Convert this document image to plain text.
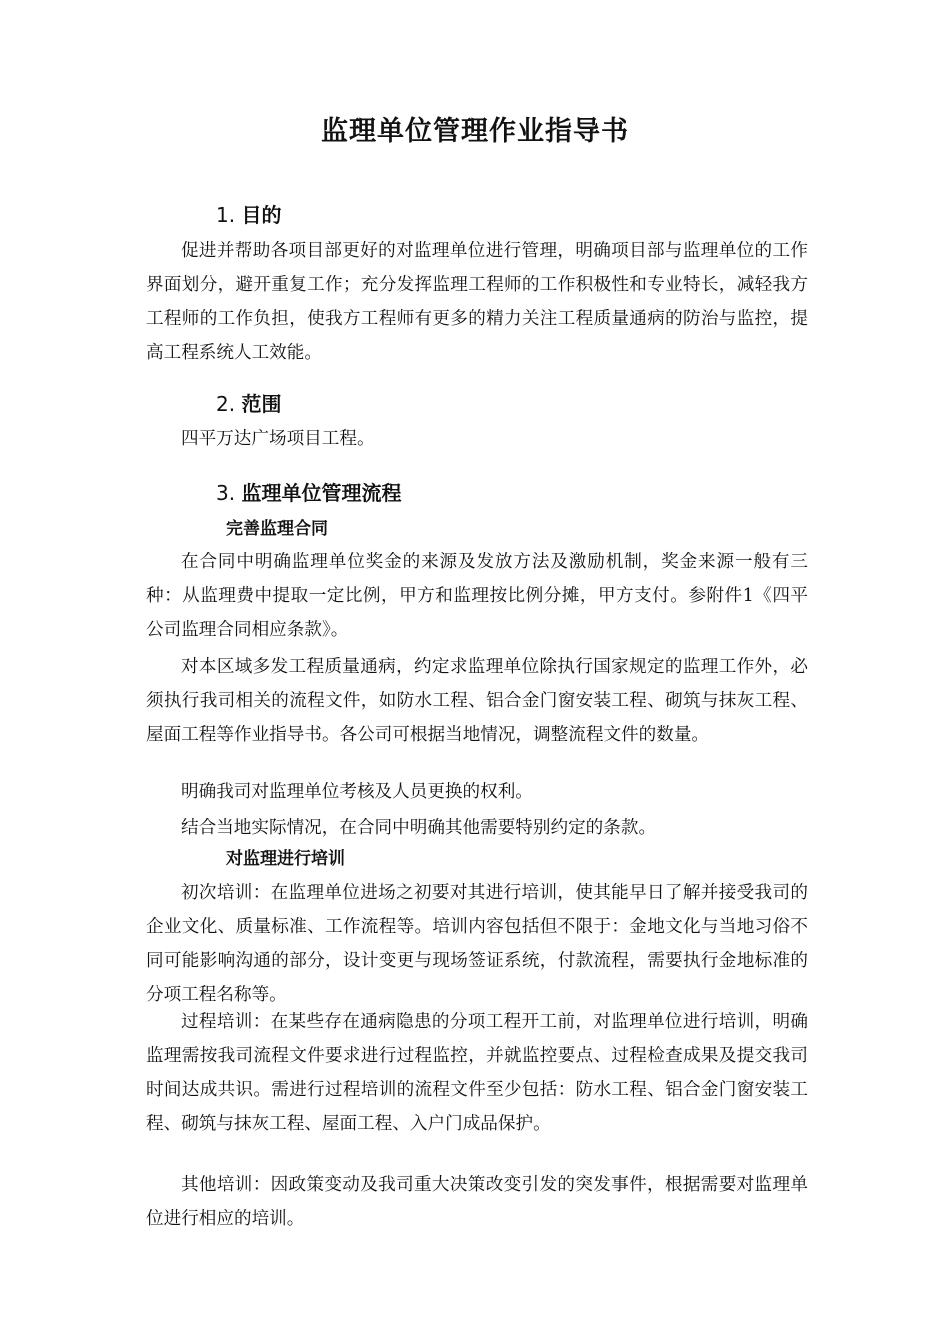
监理单位管理作业指导书
1. 目的

促进并帮助各项目部更好的对监理单位进行管理，明确项目部与监理单位的工作界面划分，避开重复工作；充分发挥监理工程师的工作积极性和专业特长，减轻我方工程师的工作负担，使我方工程师有更多的精力关注工程质量通病的防治与监控，提高工程系统人工效能。

2. 范围

四平万达广场项目工程。

3. 监理单位管理流程
完善监理合同

在合同中明确监理单位奖金的来源及发放方法及激励机制，奖金来源一般有三种：从监理费中提取一定比例，甲方和监理按比例分摊，甲方支付。参附件1《四平公司监理合同相应条款》。

对本区域多发工程质量通病，约定求监理单位除执行国家规定的监理工作外，必须执行我司相关的流程文件，如防水工程、铝合金门窗安装工程、砌筑与抹灰工程、屋面工程等作业指导书。各公司可根据当地情况，调整流程文件的数量。

明确我司对监理单位考核及人员更换的权利。

结合当地实际情况，在合同中明确其他需要特别约定的条款。

对监理进行培训

初次培训：在监理单位进场之初要对其进行培训，使其能早日了解并接受我司的企业文化、质量标准、工作流程等。培训内容包括但不限于：金地文化与当地习俗不同可能影响沟通的部分，设计变更与现场签证系统，付款流程，需要执行金地标准的分项工程名称等。

过程培训：在某些存在通病隐患的分项工程开工前，对监理单位进行培训，明确监理需按我司流程文件要求进行过程监控，并就监控要点、过程检查成果及提交我司时间达成共识。需进行过程培训的流程文件至少包括：防水工程、铝合金门窗安装工程、砌筑与抹灰工程、屋面工程、入户门成品保护。

其他培训：因政策变动及我司重大决策改变引发的突发事件，根据需要对监理单位进行相应的培训。
